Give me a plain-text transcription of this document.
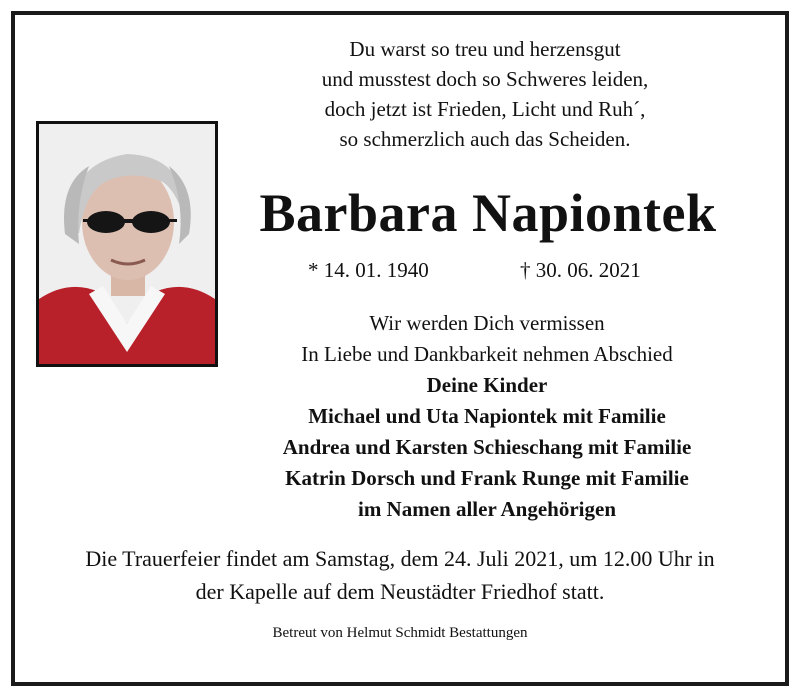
Du warst so treu und herzensgut
und musstest doch so Schweres leiden,
doch jetzt ist Frieden, Licht und Ruh´,
so schmerzlich auch das Scheiden.
Barbara Napiontek
* 14. 01. 1940	† 30. 06. 2021
Wir werden Dich vermissen
In Liebe und Dankbarkeit nehmen Abschied
Deine Kinder
Michael und Uta Napiontek mit Familie
Andrea und Karsten Schieschang mit Familie
Katrin Dorsch und Frank Runge mit Familie
im Namen aller Angehörigen
Die Trauerfeier findet am Samstag, dem 24. Juli 2021, um 12.00 Uhr in
der Kapelle auf dem Neustädter Friedhof statt.
Betreut von Helmut Schmidt Bestattungen
